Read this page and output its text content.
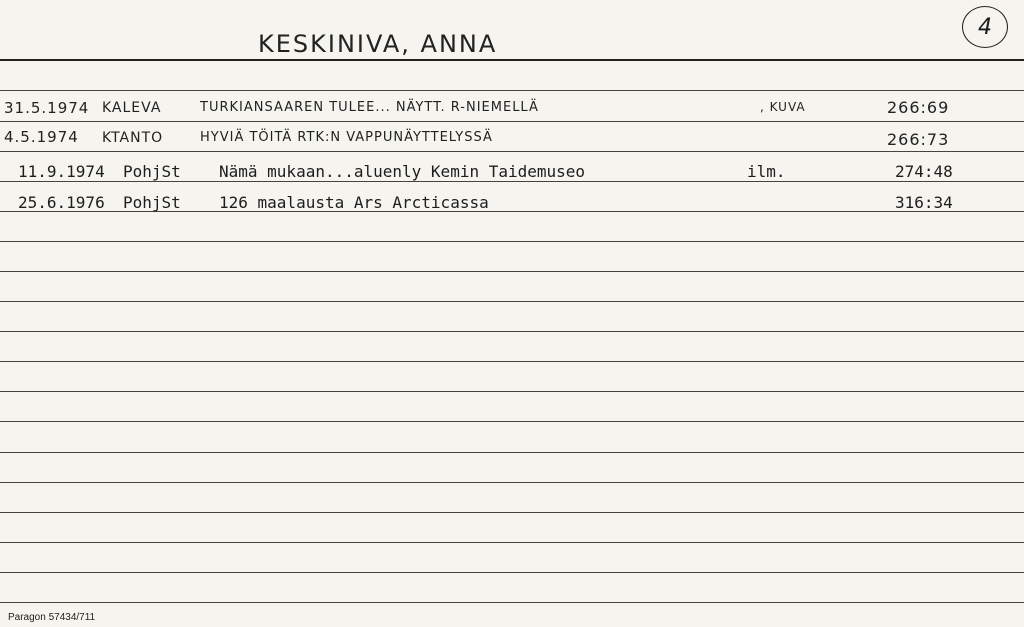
KESKINIVA, ANNA
4
31.5.1974 KALEVA	TURKIANSAAREN TULEE... NÄYTT. R-NIEMELLÄ	, KUVA	266:69
4.5.1974 KTANTO	HYVIÄ TÖITÄ RTK:N VAPPUNÄYTTELYSSÄ	266:73
11.9.1974 PohjSt Nämä mukaan...aluenly Kemin Taidemuseo	ilm.	274:48
25.6.1976 PohjSt 126 maalausta Ars Arcticassa	316:34
Paragon 57434/711
